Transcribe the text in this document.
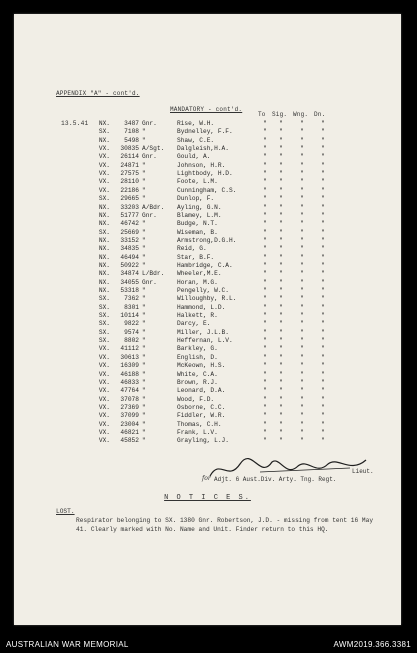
APPENDIX "A" - cont'd.
MANDATORY - cont'd.
To Sig. Wng. Dn.
13.5.41	NX.	3487 Gnr.	Rise, W.H.	"	"	"	"
SX.	7108 "	Bydnelley, F.F.	"	"	"	"
NX.	5498 "	Shaw, C.E.	"	"	"	"
VX.	30835 A/Sgt. Dalgleish,H.A.	"	"	"	"
VX.	26114 Gnr.	Gould, A.	"	"	"	"
VX.	24871 "	Johnson, H.R.	"	"	"	"
VX.	27575 "	Lightbody, H.D.	"	"	"	"
VX.	28110 "	Foote, L.M.	"	"	"	"
VX.	22186 "	Cunningham, C.S.	"	"	"	"
SX.	29665 "	Dunlop, F.	"	"	"	"
NX.	33203 A/Bdr. Ayling, G.N.	"	"	"	"
NX.	51777 Gnr.	Blamey, L.M.	"	"	"	"
NX.	46742 "	Budge, N.T.	"	"	"	"
SX.	25669 "	Wiseman, B.	"	"	"	"
NX.	33152 "	Armstrong,D.G.H.	"	"	"	"
NX.	34835 "	Reid, G.	"	"	"	"
NX.	46494 "	Star, B.F.	"	"	"	"
NX.	50922 "	Hambridge, C.A.	"	"	"	"
NX.	34874 L/Bdr. Wheeler,M.E.	"	"	"	"
NX.	34055 Gnr.	Horan, M.G.	"	"	"	"
NX.	53318 "	Pengelly, W.C.	"	"	"	"
SX.	7362 "	Willoughby, R.L.	"	"	"	"
SX.	8301 "	Hammond, L.D.	"	"	"	"
SX.	10114 "	Halkett, R.	"	"	"	"
SX.	9822 "	Darcy, E.	"	"	"	"
SX.	9574 "	Miller, J.L.B.	"	"	"	"
SX.	8802 "	Heffernan, L.V.	"	"	"	"
VX.	41112 "	Barkley, G.	"	"	"	"
VX.	30613 "	English, D.	"	"	"	"
VX.	16309 "	McKeown, H.S.	"	"	"	"
VX.	46188 "	White, C.A.	"	"	"	"
VX.	46833 "	Brown, R.J.	"	"	"	"
VX.	47764 "	Leonard, D.A.	"	"	"	"
VX.	37078 "	Wood, F.D.	"	"	"	"
VX.	27369 "	Osborne, C.C.	"	"	"	"
VX.	37099 "	Fiddler, W.R.	"	"	"	"
VX.	23004 "	Thomas, C.H.	"	"	"	"
VX.	46821 "	Frank, L.V.	"	"	"	"
VX.	45852 "	Grayling, L.J.	"	"	"	"
Lieut.
for Adjt. 6 Aust.Div. Arty. Tng. Regt.
N O T I C E S.
LOST.
Respirator belonging to SX. 1380 Gnr. Robertson, J.D. - missing from tent 16 May 41. Clearly marked with No. Name and Unit. Finder return to this HQ.
AUSTRALIAN WAR MEMORIAL	AWM2019.366.3381
